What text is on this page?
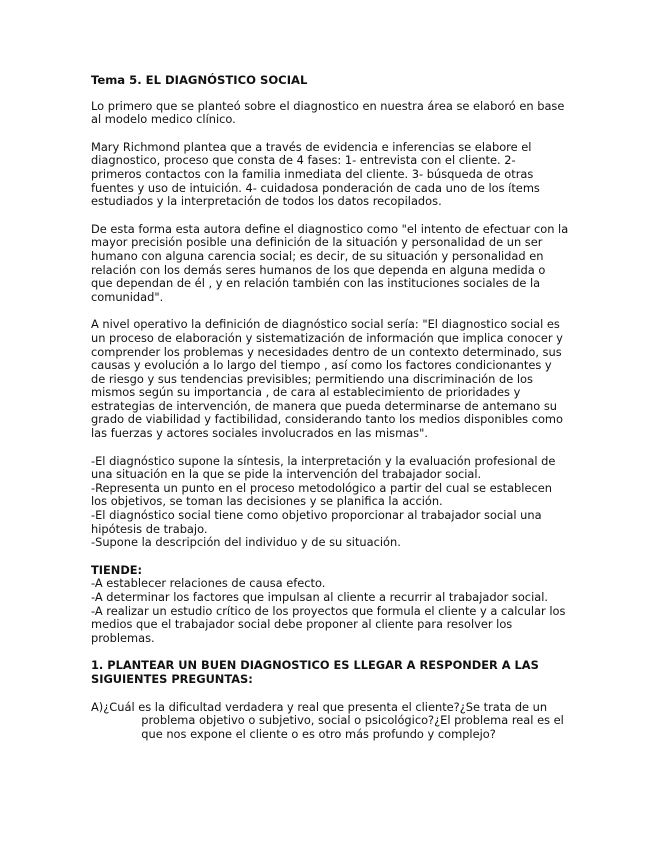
Tema 5. EL DIAGNÓSTICO SOCIAL

Lo primero que se planteó sobre el diagnostico en nuestra área se elaboró en base al modelo medico clínico.

Mary Richmond plantea que a través de evidencia e inferencias se elabore el diagnostico, proceso que consta de 4 fases: 1- entrevista con el cliente. 2- primeros contactos con la familia inmediata del cliente. 3- búsqueda de otras fuentes y uso de intuición. 4- cuidadosa ponderación de cada uno de los ítems estudiados y la interpretación de todos los datos recopilados.

De esta forma esta autora define el diagnostico como "el intento de efectuar con la mayor precisión posible una definición de la situación y personalidad de un ser humano con alguna carencia social; es decir, de su situación y personalidad en relación con los demás seres humanos de los que dependa en alguna medida o que dependan de él , y en relación también con las instituciones sociales de la comunidad".

A nivel operativo la definición de diagnóstico social sería: "El diagnostico social es un proceso de elaboración y sistematización de información que implica conocer y comprender los problemas y necesidades dentro de un contexto determinado, sus causas y evolución a lo largo del tiempo , así como los factores condicionantes y de riesgo y sus tendencias previsibles; permitiendo una discriminación de los mismos según su importancia , de cara al establecimiento de prioridades y estrategias de intervención, de manera que pueda determinarse de antemano su grado de viabilidad y factibilidad, considerando tanto los medios disponibles como las fuerzas y actores sociales involucrados en las mismas".

-El diagnóstico supone la síntesis, la interpretación y la evaluación profesional de una situación en la que se pide la intervención del trabajador social.
-Representa un punto en el proceso metodológico a partir del cual se establecen los objetivos, se toman las decisiones y se planifica la acción.
-El diagnóstico social tiene como objetivo proporcionar al trabajador social una hipótesis de trabajo.
-Supone la descripción del individuo y de su situación.
TIENDE:
-A establecer relaciones de causa efecto.
-A determinar los factores que impulsan al cliente a recurrir al trabajador social.
-A realizar un estudio crítico de los proyectos que formula el cliente y a calcular los medios que el trabajador social debe proponer al cliente para resolver los problemas.
1. PLANTEAR UN BUEN DIAGNOSTICO ES LLEGAR A RESPONDER A LAS SIGUIENTES PREGUNTAS:
A) ¿Cuál es la dificultad verdadera y real que presenta el cliente?¿Se trata de un
problema objetivo o subjetivo, social o psicológico?¿El problema real es el que nos expone el cliente o es otro más profundo y complejo?
